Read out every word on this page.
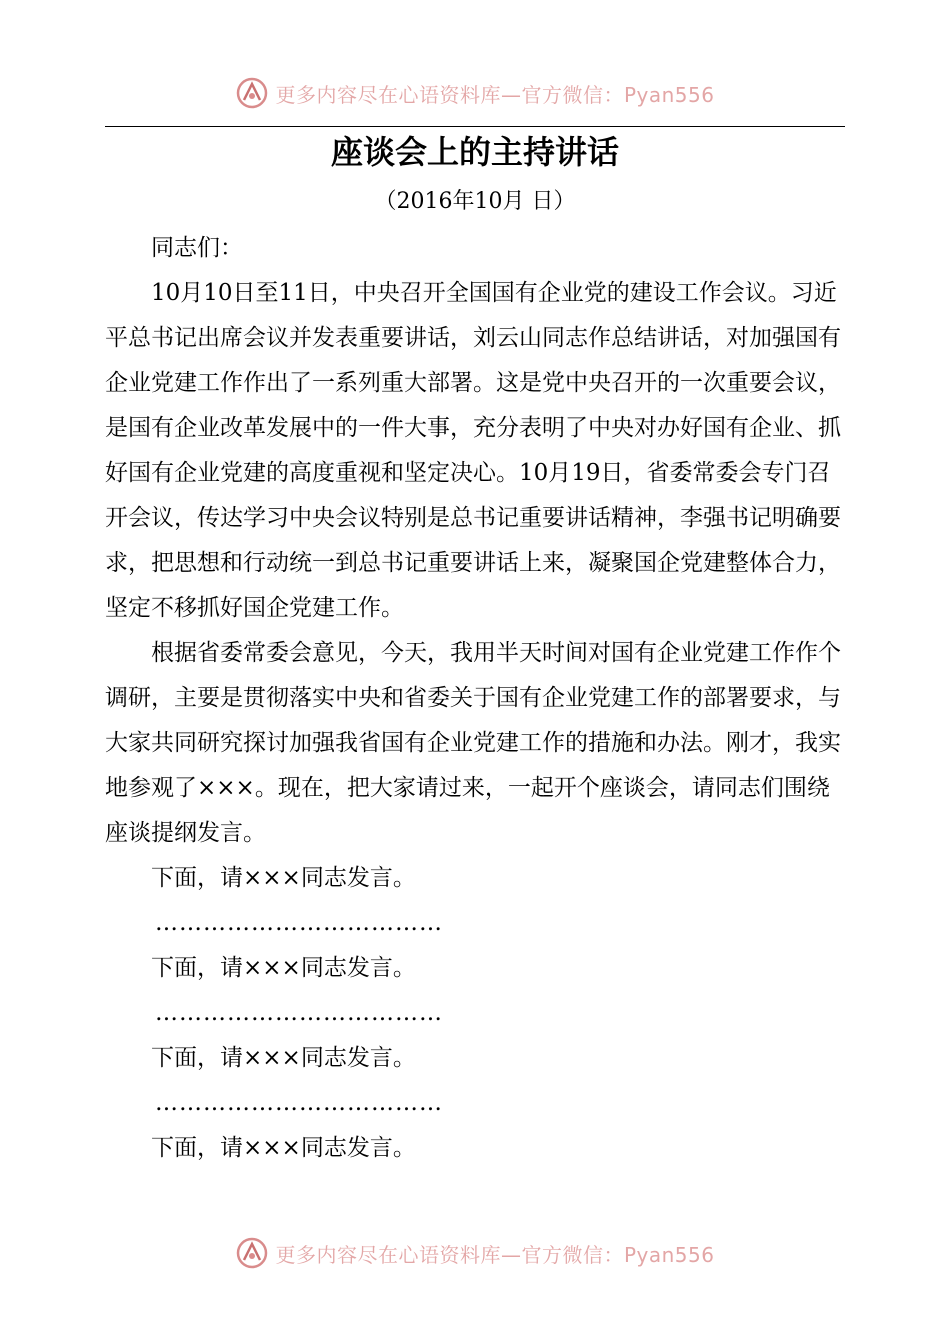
更多内容尽在心语资料库—官方微信：Pyan556
座谈会上的主持讲话
（2016年10月 日）

同志们：

10月10日至11日，中央召开全国国有企业党的建设工作会议。习近平总书记出席会议并发表重要讲话，刘云山同志作总结讲话，对加强国有企业党建工作作出了一系列重大部署。这是党中央召开的一次重要会议，是国有企业改革发展中的一件大事，充分表明了中央对办好国有企业、抓好国有企业党建的高度重视和坚定决心。10月19日，省委常委会专门召开会议，传达学习中央会议特别是总书记重要讲话精神，李强书记明确要求，把思想和行动统一到总书记重要讲话上来，凝聚国企党建整体合力，坚定不移抓好国企党建工作。

根据省委常委会意见，今天，我用半天时间对国有企业党建工作作个调研，主要是贯彻落实中央和省委关于国有企业党建工作的部署要求，与大家共同研究探讨加强我省国有企业党建工作的措施和办法。刚才，我实地参观了×××。现在，把大家请过来，一起开个座谈会，请同志们围绕座谈提纲发言。

下面，请×××同志发言。

………………………………

下面，请×××同志发言。

………………………………

下面，请×××同志发言。

………………………………

下面，请×××同志发言。

更多内容尽在心语资料库—官方微信：Pyan556
